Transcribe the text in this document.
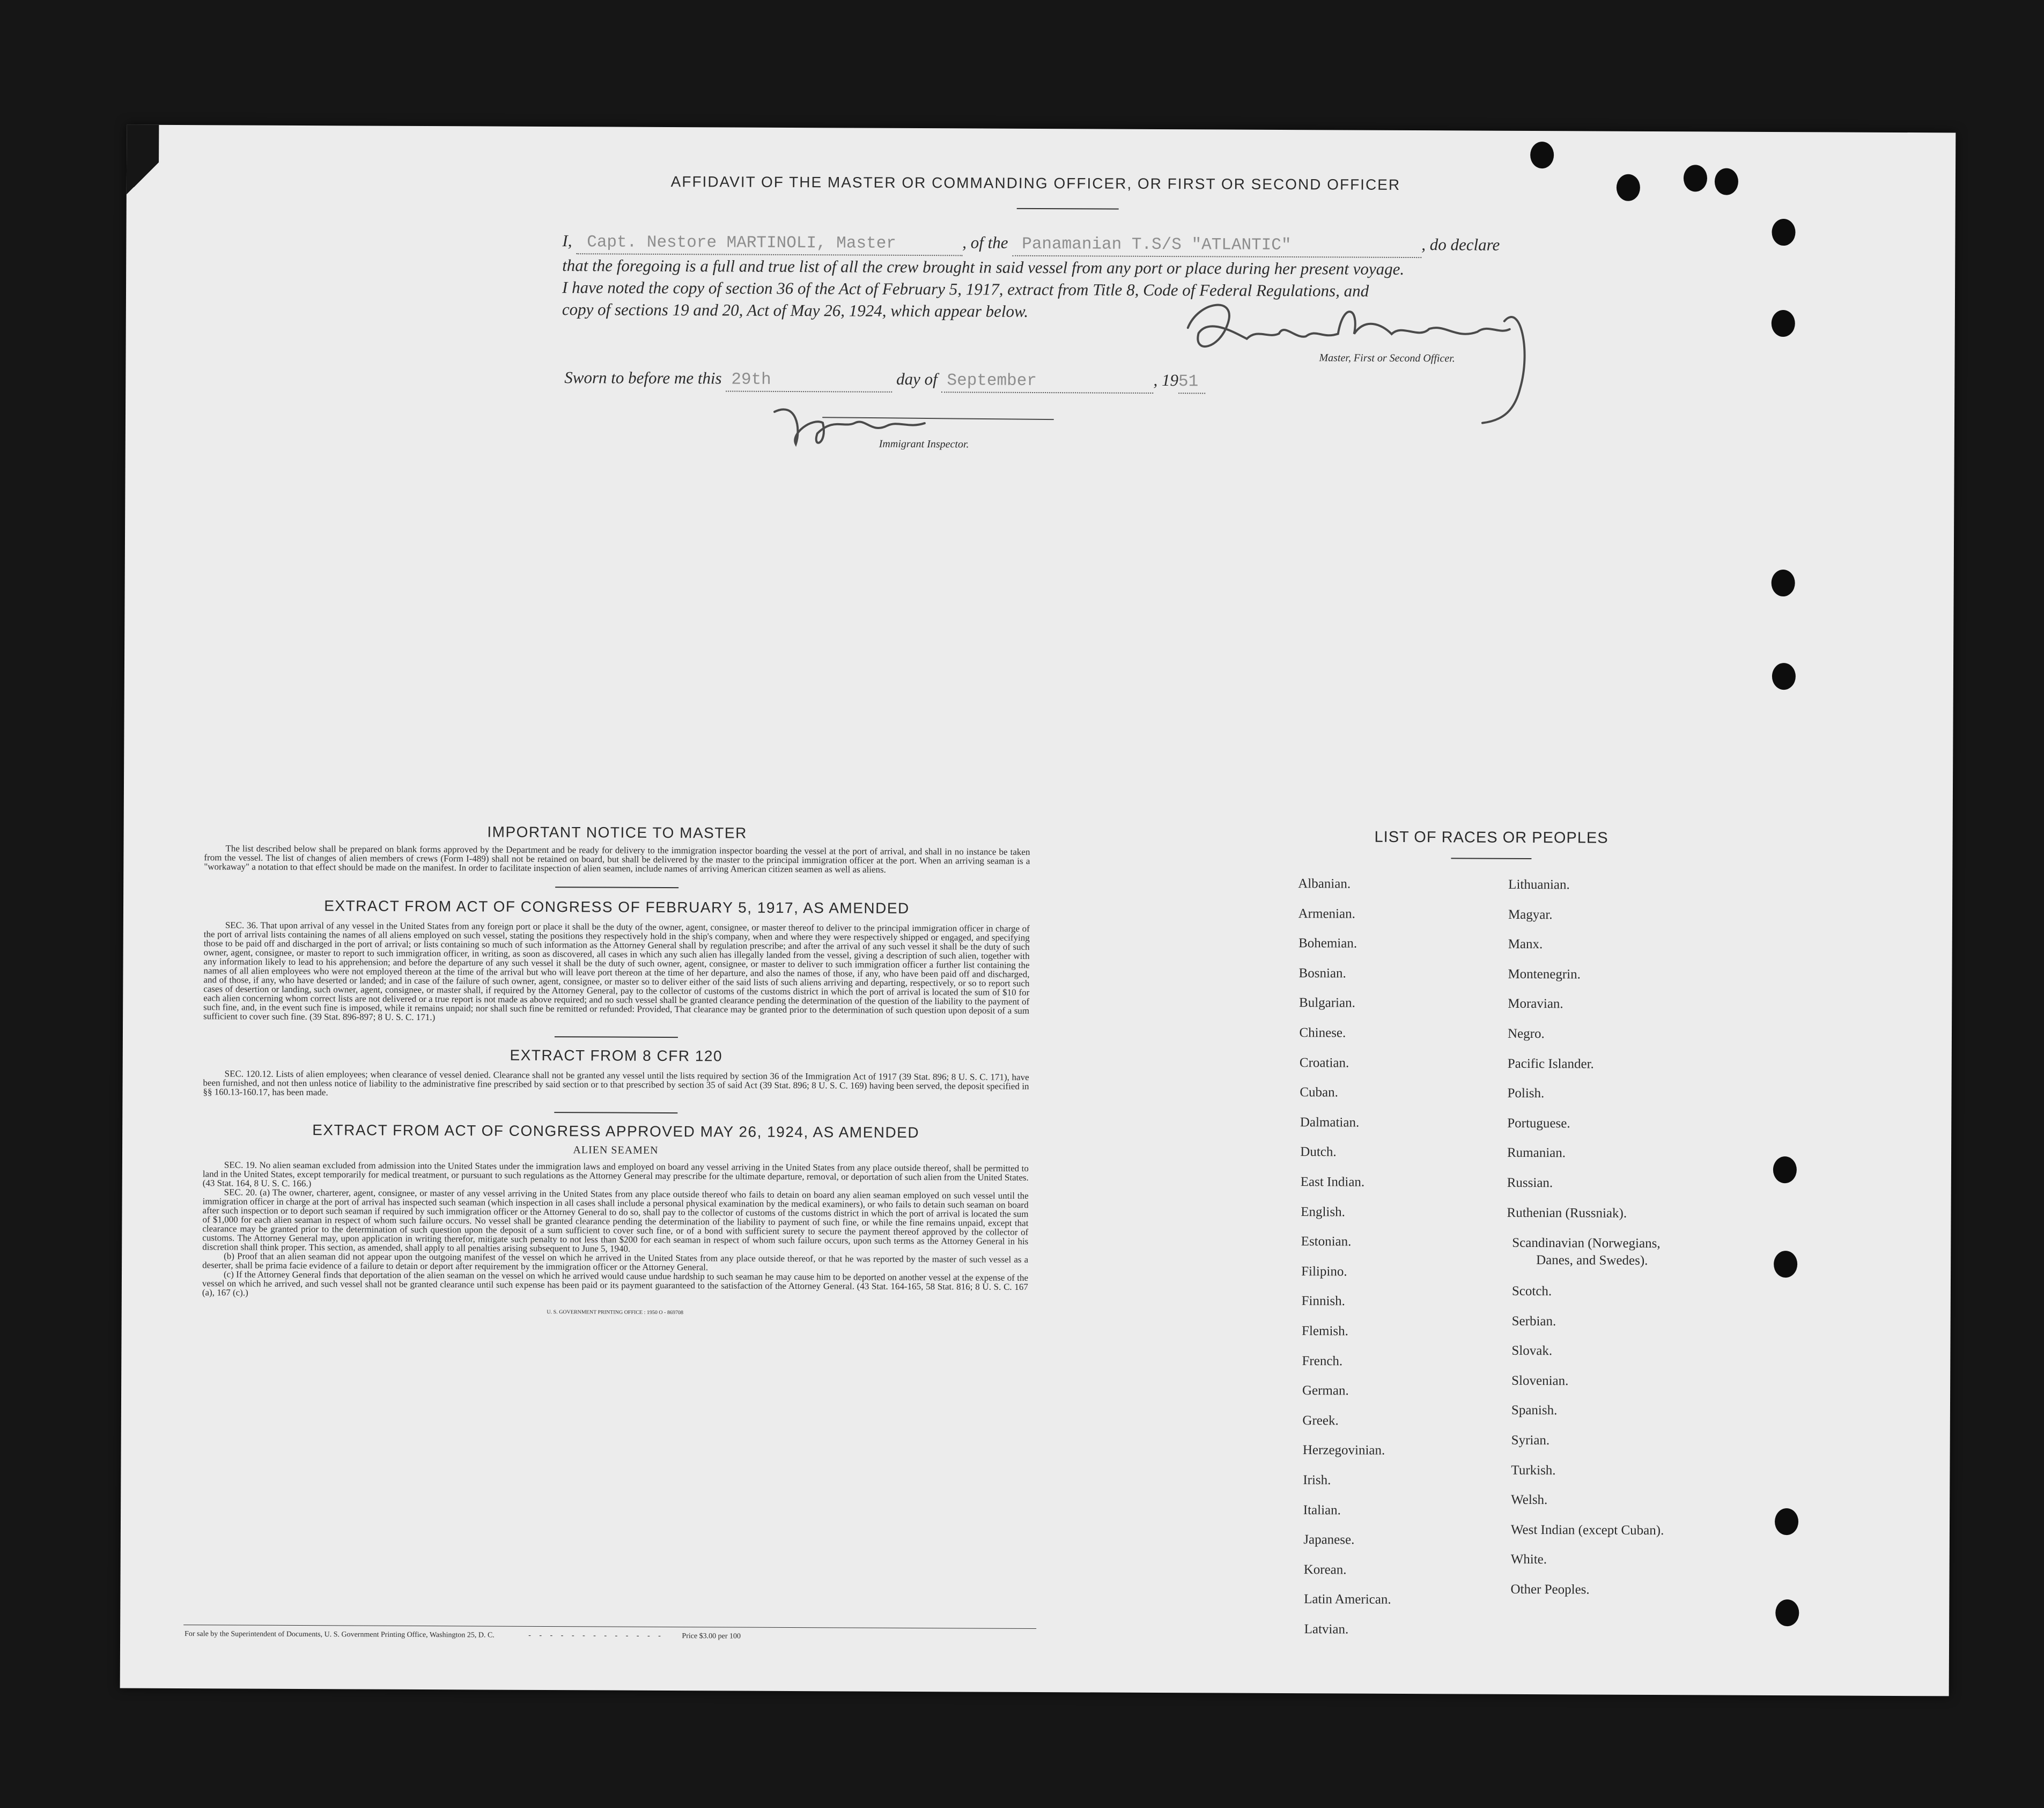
AFFIDAVIT OF THE MASTER OR COMMANDING OFFICER, OR FIRST OR SECOND OFFICER
I, Capt. Nestore MARTINOLI, Master	, of the Panamanian T.S/S "ATLANTIC"	, do declare
that the foregoing is a full and true list of all the crew brought in said vessel from any port or place during her present voyage.
I have noted the copy of section 36 of the Act of February 5, 1917, extract from Title 8, Code of Federal Regulations, and
copy of sections 19 and 20, Act of May 26, 1924, which appear below.
Master, First or Second Officer.
Sworn to before me this 29th	day of September	, 1951
Immigrant Inspector.
IMPORTANT NOTICE TO MASTER

The list described below shall be prepared on blank forms approved by the Department and be ready for delivery to the immigration inspector boarding the vessel at the port of arrival, and shall in no instance be taken from the vessel. The list of changes of alien members of crews (Form I-489) shall not be retained on board, but shall be delivered by the master to the principal immigration officer at the port. When an arriving seaman is a "workaway" a notation to that effect should be made on the manifest. In order to facilitate inspection of alien seamen, include names of arriving American citizen seamen as well as aliens.

EXTRACT FROM ACT OF CONGRESS OF FEBRUARY 5, 1917, AS AMENDED

SEC. 36. That upon arrival of any vessel in the United States from any foreign port or place it shall be the duty of the owner, agent, consignee, or master thereof to deliver to the principal immigration officer in charge of the port of arrival lists containing the names of all aliens employed on such vessel, stating the positions they respectively hold in the ship's company, when and where they were respectively shipped or engaged, and specifying those to be paid off and discharged in the port of arrival; or lists containing so much of such information as the Attorney General shall by regulation prescribe; and after the arrival of any such vessel it shall be the duty of such owner, agent, consignee, or master to report to such immigration officer, in writing, as soon as discovered, all cases in which any such alien has illegally landed from the vessel, giving a description of such alien, together with any information likely to lead to his apprehension; and before the departure of any such vessel it shall be the duty of such owner, agent, consignee, or master to deliver to such immigration officer a further list containing the names of all alien employees who were not employed thereon at the time of the arrival but who will leave port thereon at the time of her departure, and also the names of those, if any, who have been paid off and discharged, and of those, if any, who have deserted or landed; and in case of the failure of such owner, agent, consignee, or master so to deliver either of the said lists of such aliens arriving and departing, respectively, or so to report such cases of desertion or landing, such owner, agent, consignee, or master shall, if required by the Attorney General, pay to the collector of customs of the customs district in which the port of arrival is located the sum of $10 for each alien concerning whom correct lists are not delivered or a true report is not made as above required; and no such vessel shall be granted clearance pending the determination of the question of the liability to the payment of such fine, and, in the event such fine is imposed, while it remains unpaid; nor shall such fine be remitted or refunded: Provided, That clearance may be granted prior to the determination of such question upon deposit of a sum sufficient to cover such fine. (39 Stat. 896-897; 8 U. S. C. 171.)

EXTRACT FROM 8 CFR 120

SEC. 120.12. Lists of alien employees; when clearance of vessel denied. Clearance shall not be granted any vessel until the lists required by section 36 of the Immigration Act of 1917 (39 Stat. 896; 8 U. S. C. 171), have been furnished, and not then unless notice of liability to the administrative fine prescribed by said section or to that prescribed by section 35 of said Act (39 Stat. 896; 8 U. S. C. 169) having been served, the deposit specified in §§ 160.13-160.17, has been made.

EXTRACT FROM ACT OF CONGRESS APPROVED MAY 26, 1924, AS AMENDED
ALIEN SEAMEN

SEC. 19. No alien seaman excluded from admission into the United States under the immigration laws and employed on board any vessel arriving in the United States from any place outside thereof, shall be permitted to land in the United States, except temporarily for medical treatment, or pursuant to such regulations as the Attorney General may prescribe for the ultimate departure, removal, or deportation of such alien from the United States. (43 Stat. 164, 8 U. S. C. 166.)

SEC. 20. (a) The owner, charterer, agent, consignee, or master of any vessel arriving in the United States from any place outside thereof who fails to detain on board any alien seaman employed on such vessel until the immigration officer in charge at the port of arrival has inspected such seaman (which inspection in all cases shall include a personal physical examination by the medical examiners), or who fails to detain such seaman on board after such inspection or to deport such seaman if required by such immigration officer or the Attorney General to do so, shall pay to the collector of customs of the customs district in which the port of arrival is located the sum of $1,000 for each alien seaman in respect of whom such failure occurs. No vessel shall be granted clearance pending the determination of the liability to payment of such fine, or while the fine remains unpaid, except that clearance may be granted prior to the determination of such question upon the deposit of a sum sufficient to cover such fine, or of a bond with sufficient surety to secure the payment thereof approved by the collector of customs. The Attorney General may, upon application in writing therefor, mitigate such penalty to not less than $200 for each seaman in respect of whom such failure occurs, upon such terms as the Attorney General in his discretion shall think proper. This section, as amended, shall apply to all penalties arising subsequent to June 5, 1940.

(b) Proof that an alien seaman did not appear upon the outgoing manifest of the vessel on which he arrived in the United States from any place outside thereof, or that he was reported by the master of such vessel as a deserter, shall be prima facie evidence of a failure to detain or deport after requirement by the immigration officer or the Attorney General.

(c) If the Attorney General finds that deportation of the alien seaman on the vessel on which he arrived would cause undue hardship to such seaman he may cause him to be deported on another vessel at the expense of the vessel on which he arrived, and such vessel shall not be granted clearance until such expense has been paid or its payment guaranteed to the satisfaction of the Attorney General. (43 Stat. 164-165, 58 Stat. 816; 8 U. S. C. 167 (a), 167 (c).)

U. S. GOVERNMENT PRINTING OFFICE : 1950 O - 869708
For sale by the Superintendent of Documents, U. S. Government Printing Office, Washington 25, D. C.	- - - - - - - - - - - - - Price $3.00 per 100
LIST OF RACES OR PEOPLES
Albanian.
Armenian.
Bohemian.
Bosnian.
Bulgarian.
Chinese.
Croatian.
Cuban.
Dalmatian.
Dutch.
East Indian.
English.
Estonian.
Filipino.
Finnish.
Flemish.
French.
German.
Greek.
Herzegovinian.
Irish.
Italian.
Japanese.
Korean.
Latin American.
Latvian.
Lithuanian.
Magyar.
Manx.
Montenegrin.
Moravian.
Negro.
Pacific Islander.
Polish.
Portuguese.
Rumanian.
Russian.
Ruthenian (Russniak).
Scandinavian (Norwegians,
Danes, and Swedes).
Scotch.
Serbian.
Slovak.
Slovenian.
Spanish.
Syrian.
Turkish.
Welsh.
West Indian (except Cuban).
White.
Other Peoples.
